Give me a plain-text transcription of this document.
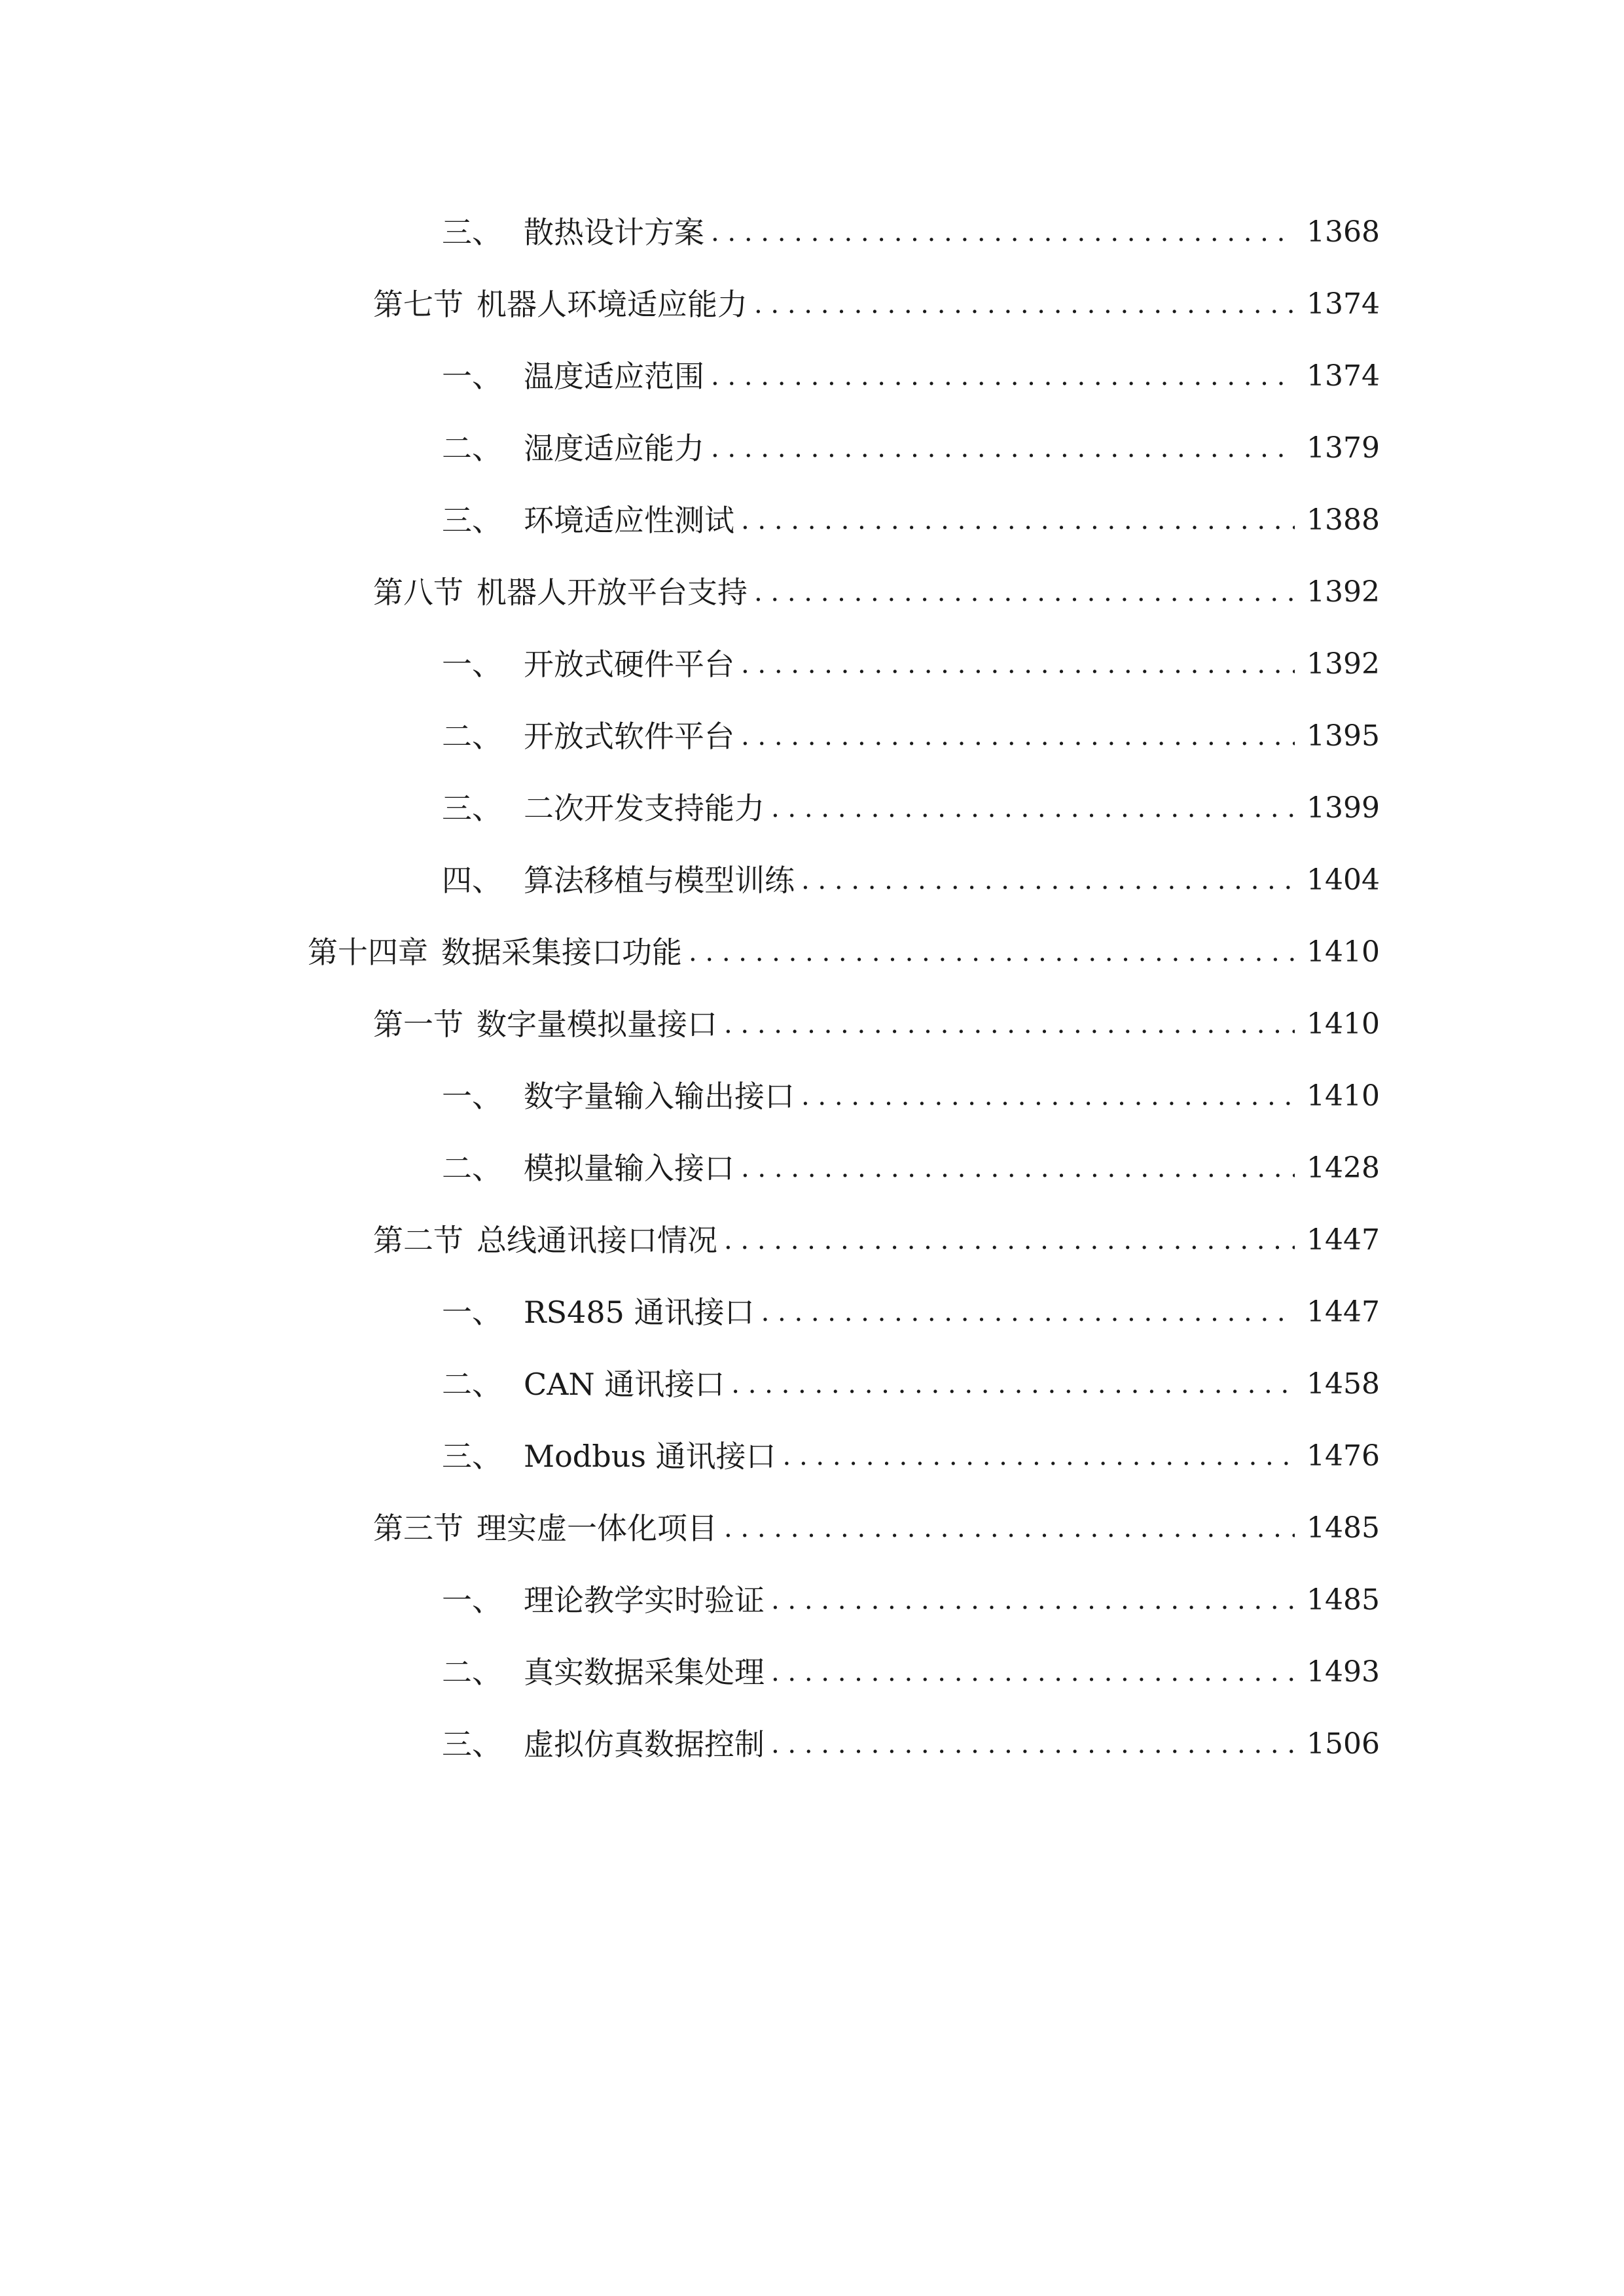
三、 散热设计方案 . . .	1368
第七节 机器人环境适应能力 . . .	1374
一、 温度适应范围 . . .	1374
二、 湿度适应能力 . . .	1379
三、 环境适应性测试 . . .	1388
第八节 机器人开放平台支持 . . .	1392
一、 开放式硬件平台 . . .	1392
二、 开放式软件平台 . . .	1395
三、 二次开发支持能力 . . .	1399
四、 算法移植与模型训练 . . .	1404
第十四章 数据采集接口功能 . . .	1410
第一节 数字量模拟量接口 . . .	1410
一、 数字量输入输出接口 . . .	1410
二、 模拟量输入接口 . . .	1428
第二节 总线通讯接口情况 . . .	1447
一、 RS485 通讯接口 . . .	1447
二、 CAN 通讯接口 . . .	1458
三、 Modbus 通讯接口 . . .	1476
第三节 理实虚一体化项目 . . .	1485
一、 理论教学实时验证 . . .	1485
二、 真实数据采集处理 . . .	1493
三、 虚拟仿真数据控制 . . .	1506
